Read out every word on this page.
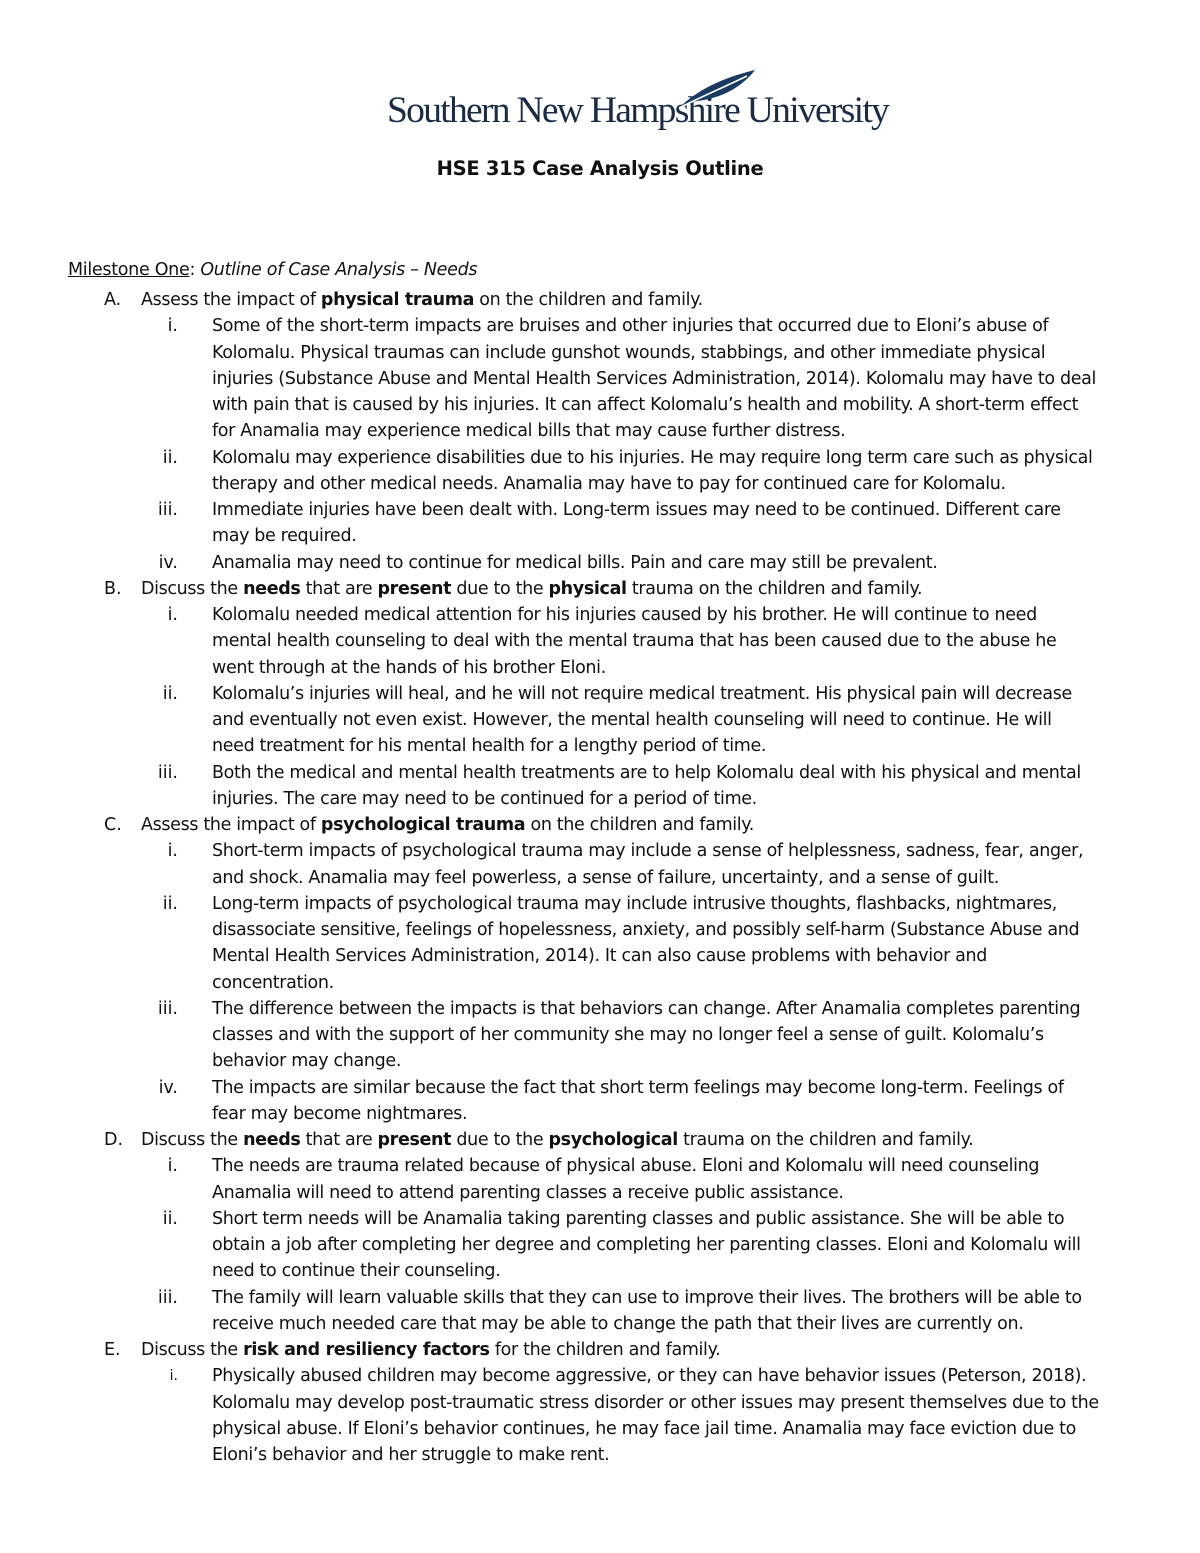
Southern New Hampshire University
HSE 315 Case Analysis Outline
Milestone One: Outline of Case Analysis – Needs
A. Assess the impact of physical trauma on the children and family.
i. Some of the short-term impacts are bruises and other injuries that occurred due to Eloni’s abuse of
Kolomalu. Physical traumas can include gunshot wounds, stabbings, and other immediate physical
injuries (Substance Abuse and Mental Health Services Administration, 2014). Kolomalu may have to deal
with pain that is caused by his injuries. It can affect Kolomalu’s health and mobility. A short-term effect
for Anamalia may experience medical bills that may cause further distress.
ii. Kolomalu may experience disabilities due to his injuries. He may require long term care such as physical
therapy and other medical needs. Anamalia may have to pay for continued care for Kolomalu.
iii. Immediate injuries have been dealt with. Long-term issues may need to be continued. Different care
may be required.
iv. Anamalia may need to continue for medical bills. Pain and care may still be prevalent.
B. Discuss the needs that are present due to the physical trauma on the children and family.
i. Kolomalu needed medical attention for his injuries caused by his brother. He will continue to need
mental health counseling to deal with the mental trauma that has been caused due to the abuse he
went through at the hands of his brother Eloni.
ii. Kolomalu’s injuries will heal, and he will not require medical treatment. His physical pain will decrease
and eventually not even exist. However, the mental health counseling will need to continue. He will
need treatment for his mental health for a lengthy period of time.
iii. Both the medical and mental health treatments are to help Kolomalu deal with his physical and mental
injuries. The care may need to be continued for a period of time.
C. Assess the impact of psychological trauma on the children and family.
i. Short-term impacts of psychological trauma may include a sense of helplessness, sadness, fear, anger,
and shock. Anamalia may feel powerless, a sense of failure, uncertainty, and a sense of guilt.
ii. Long-term impacts of psychological trauma may include intrusive thoughts, flashbacks, nightmares,
disassociate sensitive, feelings of hopelessness, anxiety, and possibly self-harm (Substance Abuse and
Mental Health Services Administration, 2014). It can also cause problems with behavior and
concentration.
iii. The difference between the impacts is that behaviors can change. After Anamalia completes parenting
classes and with the support of her community she may no longer feel a sense of guilt. Kolomalu’s
behavior may change.
iv. The impacts are similar because the fact that short term feelings may become long-term. Feelings of
fear may become nightmares.
D. Discuss the needs that are present due to the psychological trauma on the children and family.
i. The needs are trauma related because of physical abuse. Eloni and Kolomalu will need counseling
Anamalia will need to attend parenting classes a receive public assistance.
ii. Short term needs will be Anamalia taking parenting classes and public assistance. She will be able to
obtain a job after completing her degree and completing her parenting classes. Eloni and Kolomalu will
need to continue their counseling.
iii. The family will learn valuable skills that they can use to improve their lives. The brothers will be able to
receive much needed care that may be able to change the path that their lives are currently on.
E. Discuss the risk and resiliency factors for the children and family.
i. Physically abused children may become aggressive, or they can have behavior issues (Peterson, 2018).
Kolomalu may develop post-traumatic stress disorder or other issues may present themselves due to the
physical abuse. If Eloni’s behavior continues, he may face jail time. Anamalia may face eviction due to
Eloni’s behavior and her struggle to make rent.
